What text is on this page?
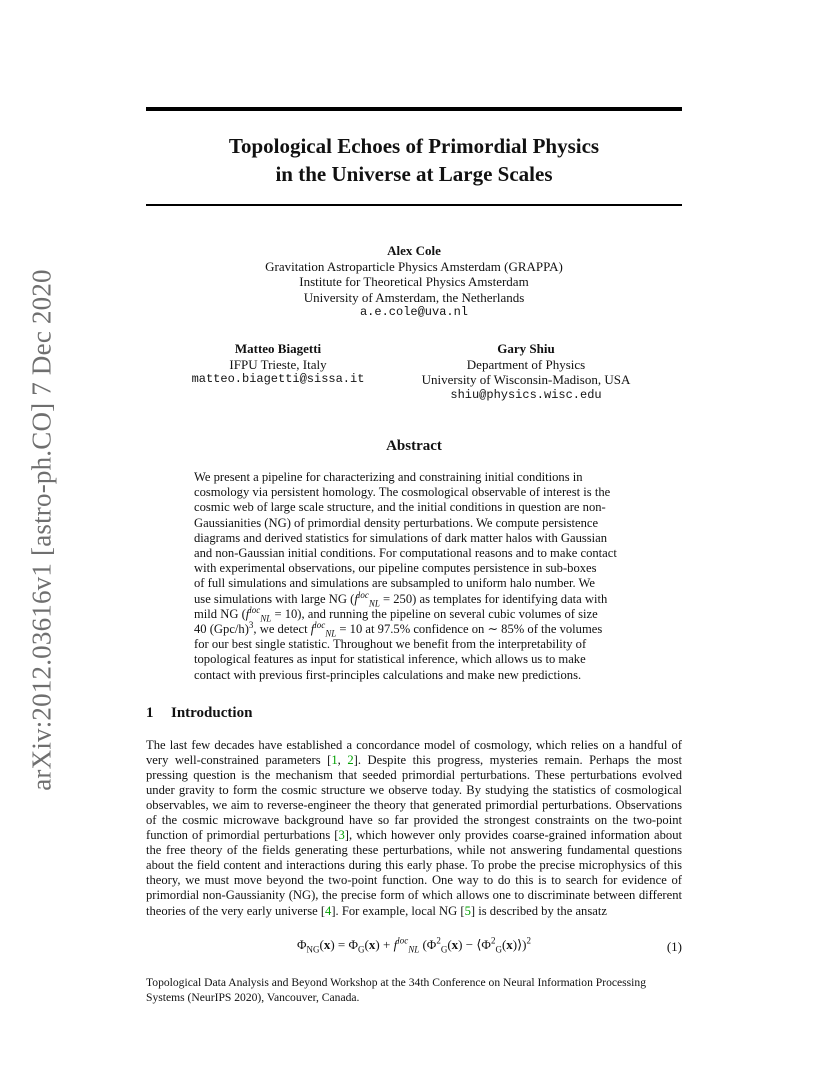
arXiv:2012.03616v1 [astro-ph.CO] 7 Dec 2020
Topological Echoes of Primordial Physics
in the Universe at Large Scales
Alex Cole
Gravitation Astroparticle Physics Amsterdam (GRAPPA)
Institute for Theoretical Physics Amsterdam
University of Amsterdam, the Netherlands
a.e.cole@uva.nl
Matteo Biagetti
IFPU Trieste, Italy
matteo.biagetti@sissa.it
Gary Shiu
Department of Physics
University of Wisconsin-Madison, USA
shiu@physics.wisc.edu
Abstract
We present a pipeline for characterizing and constraining initial conditions in
cosmology via persistent homology. The cosmological observable of interest is the
cosmic web of large scale structure, and the initial conditions in question are non-
Gaussianities (NG) of primordial density perturbations. We compute persistence
diagrams and derived statistics for simulations of dark matter halos with Gaussian
and non-Gaussian initial conditions. For computational reasons and to make contact
with experimental observations, our pipeline computes persistence in sub-boxes
of full simulations and simulations are subsampled to uniform halo number. We
use simulations with large NG $(f^{loc}_{NL} = 250)$ as templates for identifying data with
mild NG $(f^{loc}_{NL} = 10)$, and running the pipeline on several cubic volumes of size
40 $(Gpc/h)^3$, we detect $f^{loc}_{NL} = 10$ at 97.5% confidence on ∼ 85% of the volumes
for our best single statistic. Throughout we benefit from the interpretability of
topological features as input for statistical inference, which allows us to make
contact with previous first-principles calculations and make new predictions.
1 Introduction
The last few decades have established a concordance model of cosmology, which relies on a handful of very well-constrained parameters [1, 2]. Despite this progress, mysteries remain. Perhaps the most pressing question is the mechanism that seeded primordial perturbations. These perturbations evolved under gravity to form the cosmic structure we observe today. By studying the statistics of cosmological observables, we aim to reverse-engineer the theory that generated primordial perturbations. Observations of the cosmic microwave background have so far provided the strongest constraints on the two-point function of primordial perturbations [3], which however only provides coarse-grained information about the free theory of the fields generating these perturbations, while not answering fundamental questions about the field content and interactions during this early phase. To probe the precise microphysics of this theory, we must move beyond the two-point function. One way to do this is to search for evidence of primordial non-Gaussianity (NG), the precise form of which allows one to discriminate between different theories of the very early universe [4]. For example, local NG [5] is described by the ansatz
$\Phi_{NG}(x) = \Phi_G(x) + f^{loc}_{NL}$ ($\Phi^2_G(x)$ − $⟨\Phi^2_G(x)⟩)^2$	(1)
Topological Data Analysis and Beyond Workshop at the 34th Conference on Neural Information Processing Systems (NeurIPS 2020), Vancouver, Canada.
